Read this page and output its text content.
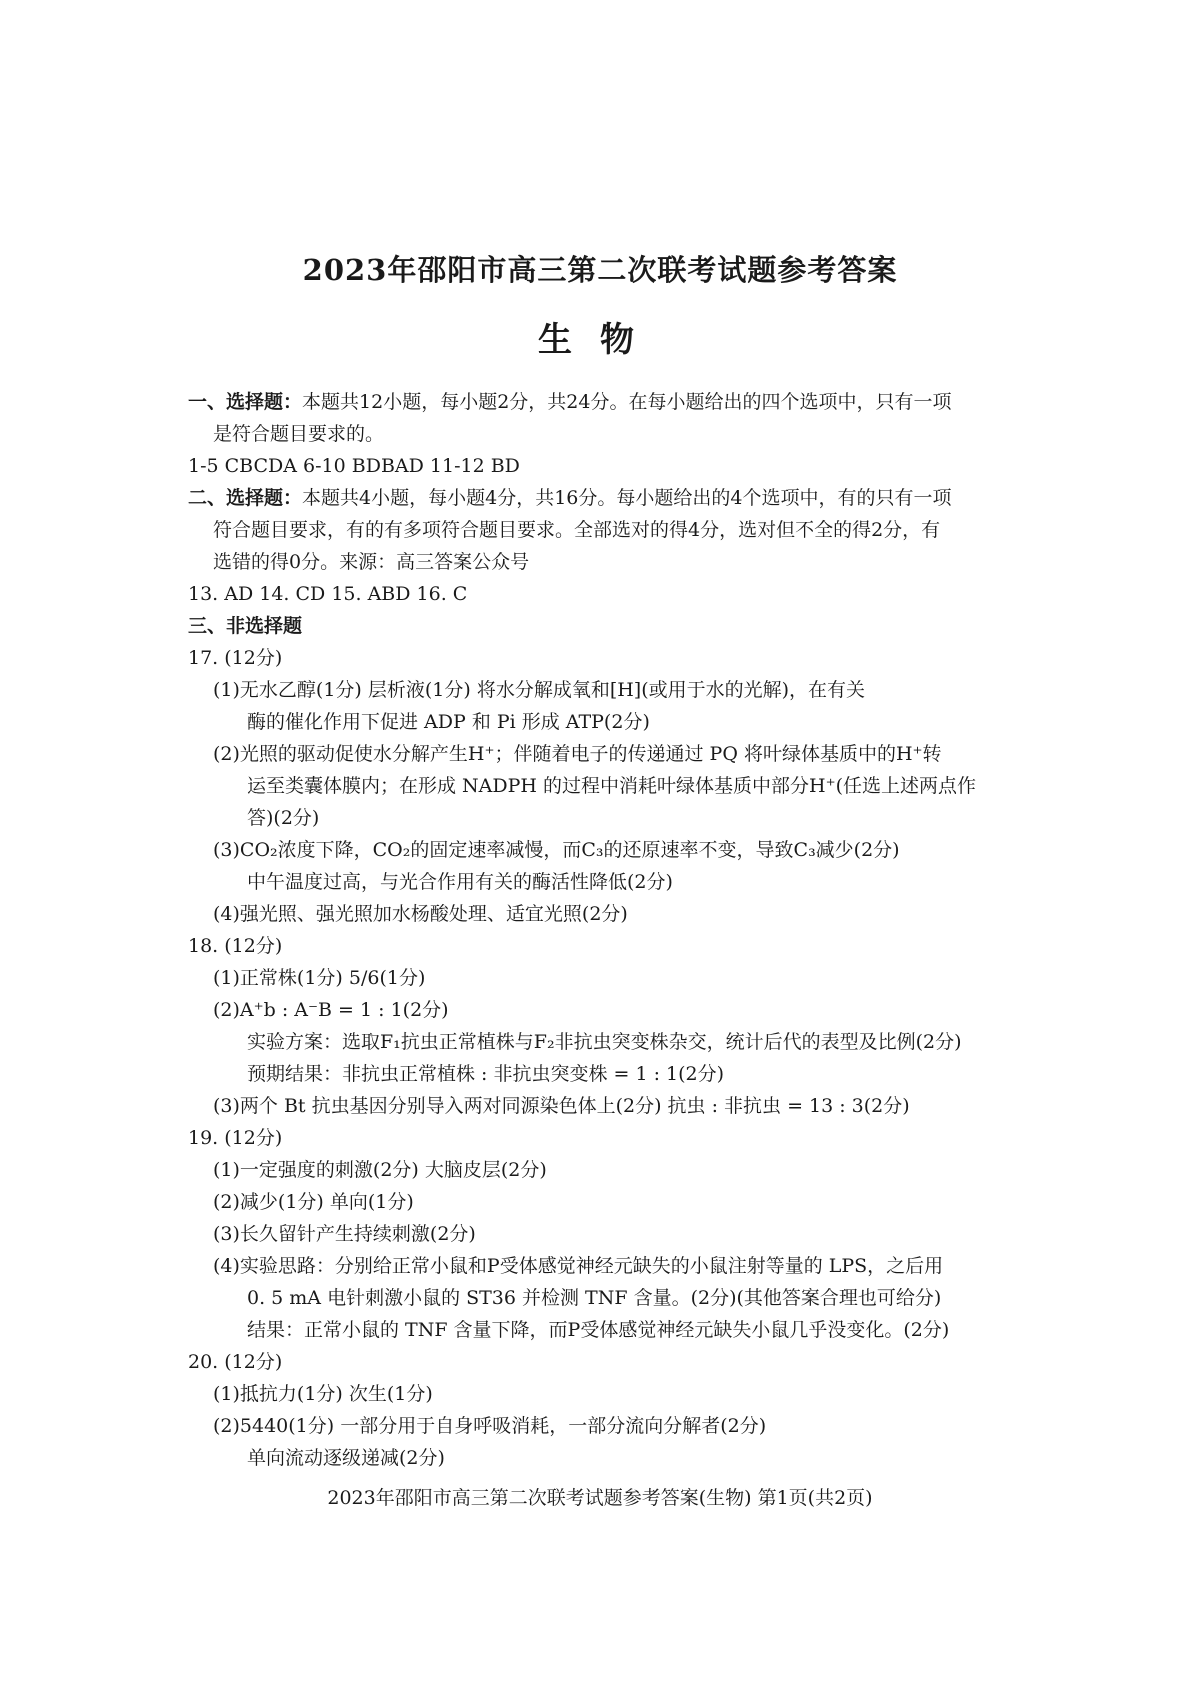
2023年邵阳市高三第二次联考试题参考答案
生物
一、选择题：本题共12小题，每小题2分，共24分。在每小题给出的四个选项中，只有一项
是符合题目要求的。
1-5 CBCDA 6-10 BDBAD 11-12 BD
二、选择题：本题共4小题，每小题4分，共16分。每小题给出的4个选项中，有的只有一项
符合题目要求，有的有多项符合题目要求。全部选对的得4分，选对但不全的得2分，有
选错的得0分。来源：高三答案公众号
13. AD 14. CD 15. ABD 16. C
三、非选择题
17. (12分)
(1)无水乙醇(1分) 层析液(1分) 将水分解成氧和[H](或用于水的光解)，在有关
酶的催化作用下促进 ADP 和 Pi 形成 ATP(2分)
(2)光照的驱动促使水分解产生H⁺；伴随着电子的传递通过 PQ 将叶绿体基质中的H⁺转
运至类囊体膜内；在形成 NADPH 的过程中消耗叶绿体基质中部分H⁺(任选上述两点作
答)(2分)
(3)CO₂浓度下降，CO₂的固定速率减慢，而C₃的还原速率不变，导致C₃减少(2分)
中午温度过高，与光合作用有关的酶活性降低(2分)
(4)强光照、强光照加水杨酸处理、适宜光照(2分)
18. (12分)
(1)正常株(1分) 5/6(1分)
(2)A⁺b : A⁻B = 1 : 1(2分)
实验方案：选取F₁抗虫正常植株与F₂非抗虫突变株杂交，统计后代的表型及比例(2分)
预期结果：非抗虫正常植株 : 非抗虫突变株 = 1 : 1(2分)
(3)两个 Bt 抗虫基因分别导入两对同源染色体上(2分) 抗虫 : 非抗虫 = 13 : 3(2分)
19. (12分)
(1)一定强度的刺激(2分) 大脑皮层(2分)
(2)减少(1分) 单向(1分)
(3)长久留针产生持续刺激(2分)
(4)实验思路：分别给正常小鼠和P受体感觉神经元缺失的小鼠注射等量的 LPS，之后用
0. 5 mA 电针刺激小鼠的 ST36 并检测 TNF 含量。(2分)(其他答案合理也可给分)
结果：正常小鼠的 TNF 含量下降，而P受体感觉神经元缺失小鼠几乎没变化。(2分)
20. (12分)
(1)抵抗力(1分) 次生(1分)
(2)5440(1分) 一部分用于自身呼吸消耗，一部分流向分解者(2分)
单向流动逐级递减(2分)
2023年邵阳市高三第二次联考试题参考答案(生物) 第1页(共2页)
